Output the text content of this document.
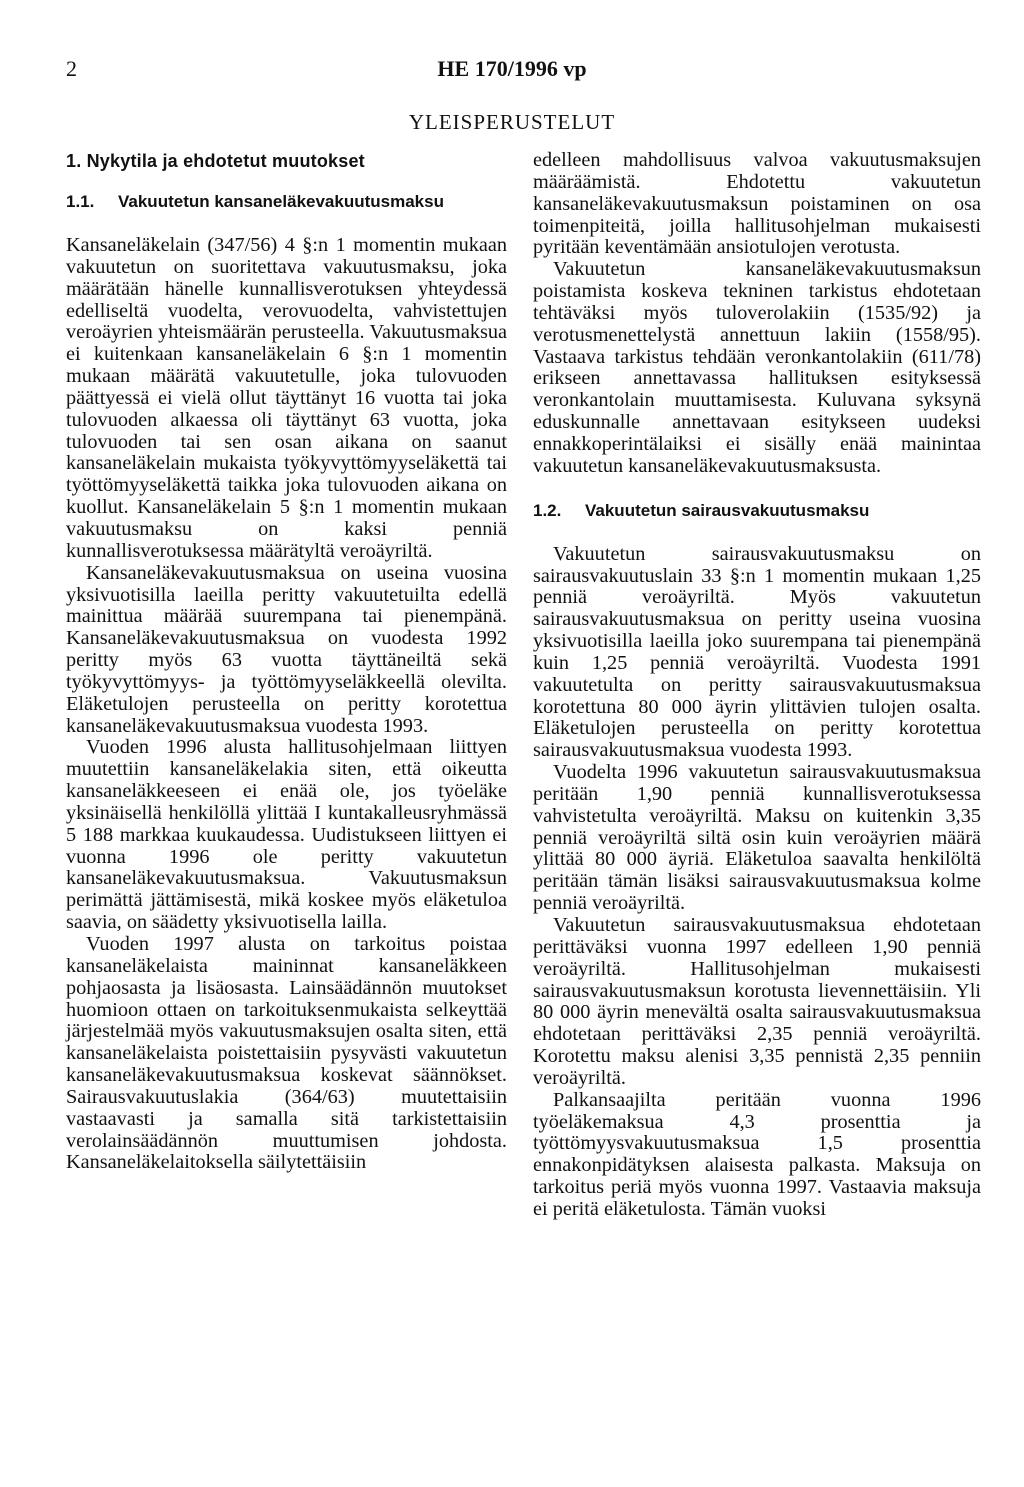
2	HE 170/1996 vp
YLEISPERUSTELUT
1. Nykytila ja ehdotetut muutokset
1.1.	Vakuutetun kansaneläkevakuutusmaksu

Kansaneläkelain (347/56) 4 §:n 1 momentin mukaan vakuutetun on suoritettava vakuutusmaksu, joka määrätään hänelle kunnallisverotuksen yhteydessä edelliseltä vuodelta, verovuodelta, vahvistettujen veroäyrien yhteismäärän perusteella. Vakuutusmaksua ei kuitenkaan kansaneläkelain 6 §:n 1 momentin mukaan määrätä vakuutetulle, joka tulovuoden päättyessä ei vielä ollut täyttänyt 16 vuotta tai joka tulovuoden alkaessa oli täyttänyt 63 vuotta, joka tulovuoden tai sen osan aikana on saanut kansaneläkelain mukaista työkyvyttömyyseläkettä tai työttömyyseläkettä taikka joka tulovuoden aikana on kuollut. Kansaneläkelain 5 §:n 1 momentin mukaan vakuutusmaksu on kaksi penniä kunnallisverotuksessa määrätyltä veroäyriltä.

Kansaneläkevakuutusmaksua on useina vuosina yksivuotisilla laeilla peritty vakuutetuilta edellä mainittua määrää suurempana tai pienempänä. Kansaneläkevakuutusmaksua on vuodesta 1992 peritty myös 63 vuotta täyttäneiltä sekä työkyvyttömyys- ja työttömyyseläkkeellä olevilta. Eläketulojen perusteella on peritty korotettua kansaneläkevakuutusmaksua vuodesta 1993.

Vuoden 1996 alusta hallitusohjelmaan liittyen muutettiin kansaneläkelakia siten, että oikeutta kansaneläkkeeseen ei enää ole, jos työeläke yksinäisellä henkilöllä ylittää I kuntakalleusryhmässä 5 188 markkaa kuukaudessa. Uudistukseen liittyen ei vuonna 1996 ole peritty vakuutetun kansaneläkevakuutusmaksua. Vakuutusmaksun perimättä jättämisestä, mikä koskee myös eläketuloa saavia, on säädetty yksivuotisella lailla.

Vuoden 1997 alusta on tarkoitus poistaa kansaneläkelaista maininnat kansaneläkkeen pohjaosasta ja lisäosasta. Lainsäädännön muutokset huomioon ottaen on tarkoituksenmukaista selkeyttää järjestelmää myös vakuutusmaksujen osalta siten, että kansaneläkelaista poistettaisiin pysyvästi vakuutetun kansaneläkevakuutusmaksua koskevat säännökset. Sairausvakuutuslakia (364/63) muutettaisiin vastaavasti ja samalla sitä tarkistettaisiin verolainsäädännön muuttumisen johdosta. Kansaneläkelaitoksella säilytettäisiin

edelleen mahdollisuus valvoa vakuutusmaksujen määräämistä. Ehdotettu vakuutetun kansaneläkevakuutusmaksun poistaminen on osa toimenpiteitä, joilla hallitusohjelman mukaisesti pyritään keventämään ansiotulojen verotusta.

Vakuutetun kansaneläkevakuutusmaksun poistamista koskeva tekninen tarkistus ehdotetaan tehtäväksi myös tuloverolakiin (1535/92) ja verotusmenettelystä annettuun lakiin (1558/95). Vastaava tarkistus tehdään veronkantolakiin (611/78) erikseen annettavassa hallituksen esityksessä veronkantolain muuttamisesta. Kuluvana syksynä eduskunnalle annettavaan esitykseen uudeksi ennakkoperintälaiksi ei sisälly enää mainintaa vakuutetun kansaneläkevakuutusmaksusta.

1.2.	Vakuutetun sairausvakuutusmaksu

Vakuutetun sairausvakuutusmaksu on sairausvakuutuslain 33 §:n 1 momentin mukaan 1,25 penniä veroäyriltä. Myös vakuutetun sairausvakuutusmaksua on peritty useina vuosina yksivuotisilla laeilla joko suurempana tai pienempänä kuin 1,25 penniä veroäyriltä. Vuodesta 1991 vakuutetulta on peritty sairausvakuutusmaksua korotettuna 80 000 äyrin ylittävien tulojen osalta. Eläketulojen perusteella on peritty korotettua sairausvakuutusmaksua vuodesta 1993.

Vuodelta 1996 vakuutetun sairausvakuutusmaksua peritään 1,90 penniä kunnallisverotuksessa vahvistetulta veroäyriltä. Maksu on kuitenkin 3,35 penniä veroäyriltä siltä osin kuin veroäyrien määrä ylittää 80 000 äyriä. Eläketuloa saavalta henkilöltä peritään tämän lisäksi sairausvakuutusmaksua kolme penniä veroäyriltä.

Vakuutetun sairausvakuutusmaksua ehdotetaan perittäväksi vuonna 1997 edelleen 1,90 penniä veroäyriltä. Hallitusohjelman mukaisesti sairausvakuutusmaksun korotusta lievennettäisiin. Yli 80 000 äyrin menevältä osalta sairausvakuutusmaksua ehdotetaan perittäväksi 2,35 penniä veroäyriltä. Korotettu maksu alenisi 3,35 pennistä 2,35 penniin veroäyriltä.

Palkansaajilta peritään vuonna 1996 työeläkemaksua 4,3 prosenttia ja työttömyysvakuutusmaksua 1,5 prosenttia ennakonpidätyksen alaisesta palkasta. Maksuja on tarkoitus periä myös vuonna 1997. Vastaavia maksuja ei peritä eläketulosta. Tämän vuoksi
